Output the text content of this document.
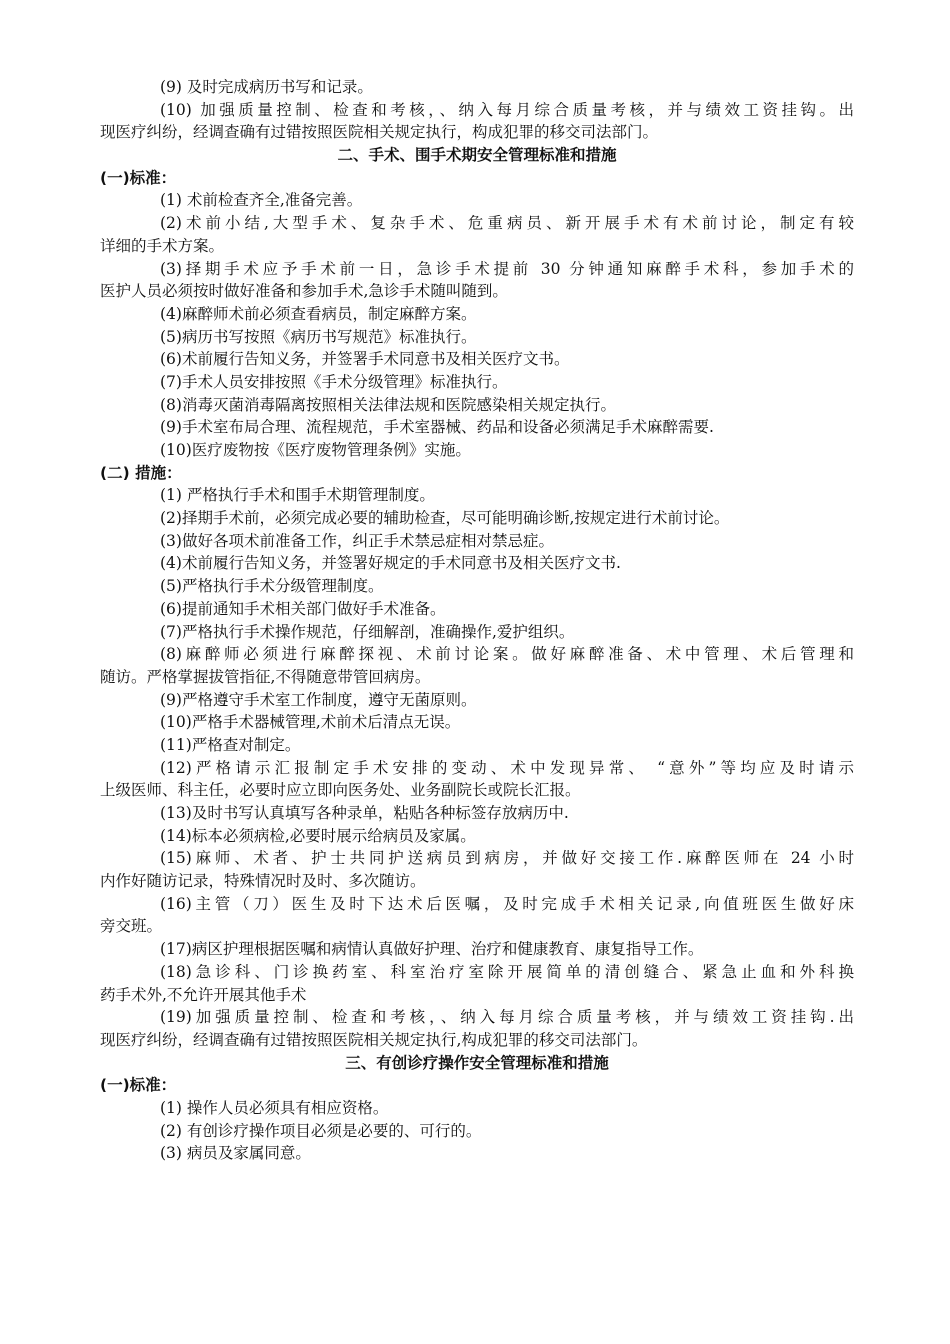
(9) 及时完成病历书写和记录。
(10) 加强质量控制、检查和考核，、纳入每月综合质量考核，并与绩效工资挂钩。出
现医疗纠纷，经调查确有过错按照医院相关规定执行，构成犯罪的移交司法部门。
二、手术、围手术期安全管理标准和措施
(一)标准：
(1) 术前检查齐全,准备完善。
(2)术前小结,大型手术、复杂手术、危重病员、新开展手术有术前讨论，制定有较
详细的手术方案。
(3)择期手术应予手术前一日，急诊手术提前 30 分钟通知麻醉手术科，参加手术的
医护人员必须按时做好准备和参加手术,急诊手术随叫随到。
(4)麻醉师术前必须查看病员，制定麻醉方案。
(5)病历书写按照《病历书写规范》标准执行。
(6)术前履行告知义务，并签署手术同意书及相关医疗文书。
(7)手术人员安排按照《手术分级管理》标准执行。
(8)消毒灭菌消毒隔离按照相关法律法规和医院感染相关规定执行。
(9)手术室布局合理、流程规范，手术室器械、药品和设备必须满足手术麻醉需要.
(10)医疗废物按《医疗废物管理条例》实施。
(二) 措施：
(1) 严格执行手术和围手术期管理制度。
(2)择期手术前，必须完成必要的辅助检查，尽可能明确诊断,按规定进行术前讨论。
(3)做好各项术前准备工作，纠正手术禁忌症相对禁忌症。
(4)术前履行告知义务，并签署好规定的手术同意书及相关医疗文书.
(5)严格执行手术分级管理制度。
(6)提前通知手术相关部门做好手术准备。
(7)严格执行手术操作规范，仔细解剖，准确操作,爱护组织。
(8)麻醉师必须进行麻醉探视、术前讨论案。做好麻醉准备、术中管理、术后管理和
随访。严格掌握拔管指征,不得随意带管回病房。
(9)严格遵守手术室工作制度，遵守无菌原则。
(10)严格手术器械管理,术前术后清点无误。
(11)严格查对制定。
(12)严格请示汇报制定手术安排的变动、术中发现异常、 “意外”等均应及时请示
上级医师、科主任，必要时应立即向医务处、业务副院长或院长汇报。
(13)及时书写认真填写各种录单，粘贴各种标签存放病历中.
(14)标本必须病检,必要时展示给病员及家属。
(15)麻师、术者、护士共同护送病员到病房，并做好交接工作.麻醉医师在 24 小时
内作好随访记录，特殊情况时及时、多次随访。
(16)主管（刀）医生及时下达术后医嘱，及时完成手术相关记录,向值班医生做好床
旁交班。
(17)病区护理根据医嘱和病情认真做好护理、治疗和健康教育、康复指导工作。
(18)急诊科、门诊换药室、科室治疗室除开展简单的清创缝合、紧急止血和外科换
药手术外,不允许开展其他手术
(19)加强质量控制、检查和考核，、纳入每月综合质量考核，并与绩效工资挂钩.出
现医疗纠纷，经调查确有过错按照医院相关规定执行,构成犯罪的移交司法部门。
三、有创诊疗操作安全管理标准和措施
(一)标准：
(1) 操作人员必须具有相应资格。
(2) 有创诊疗操作项目必须是必要的、可行的。
(3) 病员及家属同意。
